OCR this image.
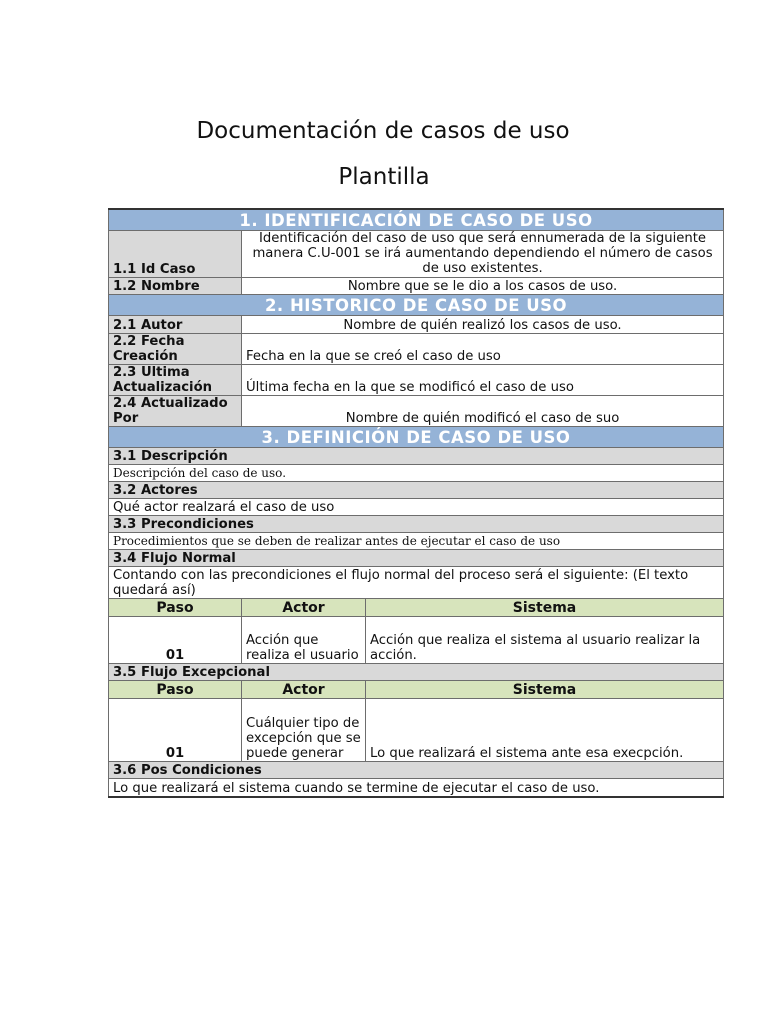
Documentación de casos de uso
Plantilla
1. IDENTIFICACIÓN DE CASO DE USO		
1.1 Id Caso	Identificación del caso de uso que será ennumerada de la siguiente manera C.U-001 se irá aumentando dependiendo el número de casos de uso existentes.	
1.2 Nombre	Nombre que se le dio a los casos de uso.	
2. HISTORICO DE CASO DE USO		
2.1 Autor	Nombre de quién realizó los casos de uso.	
2.2 Fecha Creación	Fecha en la que se creó el caso de uso	
2.3 Última Actualización	Última fecha en la que se modificó el caso de uso	
2.4 Actualizado Por	Nombre de quién modificó el caso de suo	
3. DEFINICIÓN DE CASO DE USO		
3.1 Descripción		
Descripción del caso de uso.		
3.2 Actores		
Qué actor realzará el caso de uso		
3.3 Precondiciones		
Procedimientos que se deben de realizar antes de ejecutar el caso de uso		
3.4 Flujo Normal		
Contando con las precondiciones el flujo normal del proceso será el siguiente: (El texto quedará así)		
Paso	Actor	Sistema
01	Acción que realiza el usuario	Acción que realiza el sistema al usuario realizar la acción.
3.5 Flujo Excepcional		
Paso	Actor	Sistema
01	Cuálquier tipo de excepción que se puede generar	Lo que realizará el sistema ante esa execpción.
3.6 Pos Condiciones		
Lo que realizará el sistema cuando se termine de ejecutar el caso de uso.		
